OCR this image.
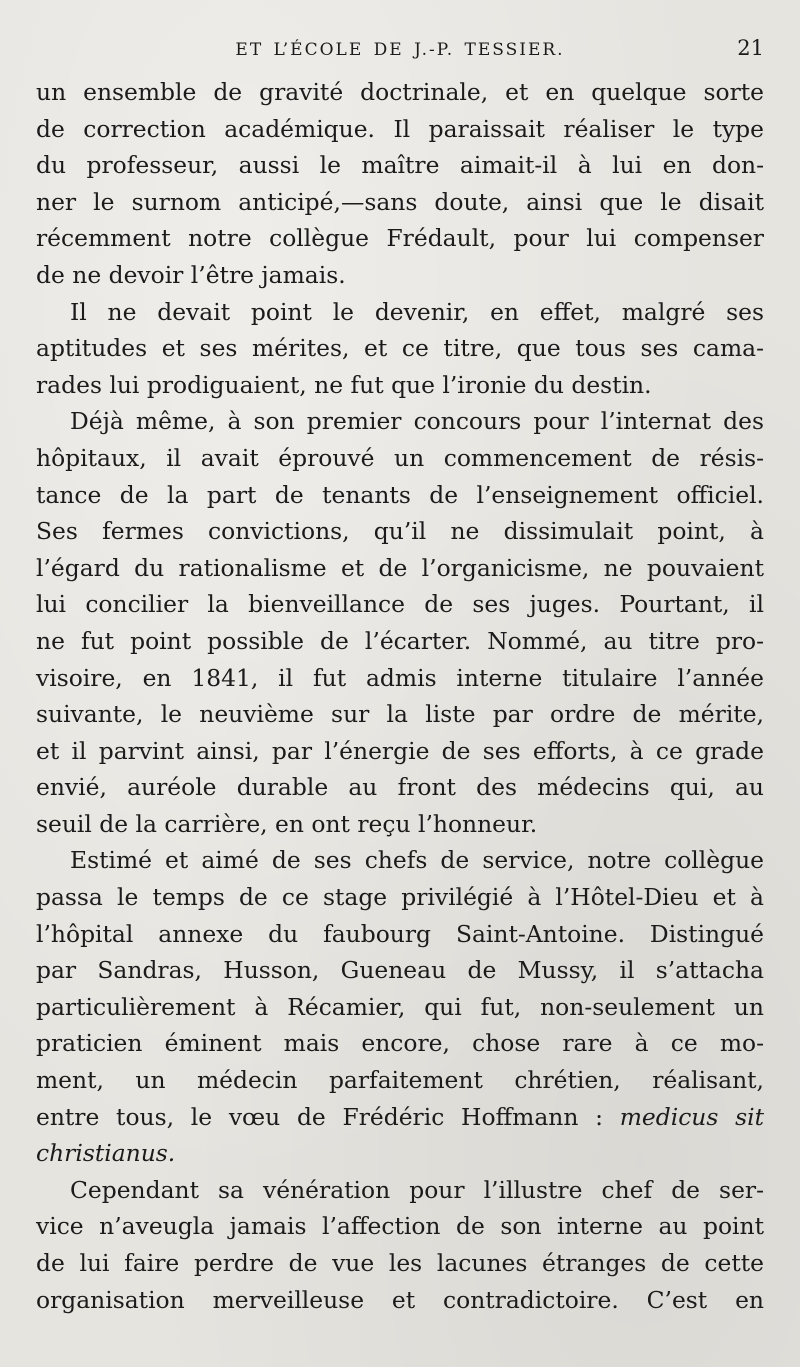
ET L’ÉCOLE DE J.-P. TESSIER.	21
un ensemble de gravité doctrinale, et en quelque sorte
de correction académique. Il paraissait réaliser le type
du professeur, aussi le maître aimait-il à lui en don-
ner le surnom anticipé,—sans doute, ainsi que le disait
récemment notre collègue Frédault, pour lui compenser
de ne devoir l’être jamais.
Il ne devait point le devenir, en effet, malgré ses
aptitudes et ses mérites, et ce titre, que tous ses cama-
rades lui prodiguaient, ne fut que l’ironie du destin.
Déjà même, à son premier concours pour l’internat des
hôpitaux, il avait éprouvé un commencement de résis-
tance de la part de tenants de l’enseignement officiel.
Ses fermes convictions, qu’il ne dissimulait point, à
l’égard du rationalisme et de l’organicisme, ne pouvaient
lui concilier la bienveillance de ses juges. Pourtant, il
ne fut point possible de l’écarter. Nommé, au titre pro-
visoire, en 1841, il fut admis interne titulaire l’année
suivante, le neuvième sur la liste par ordre de mérite,
et il parvint ainsi, par l’énergie de ses efforts, à ce grade
envié, auréole durable au front des médecins qui, au
seuil de la carrière, en ont reçu l’honneur.
Estimé et aimé de ses chefs de service, notre collègue
passa le temps de ce stage privilégié à l’Hôtel-Dieu et à
l’hôpital annexe du faubourg Saint-Antoine. Distingué
par Sandras, Husson, Gueneau de Mussy, il s’attacha
particulièrement à Récamier, qui fut, non-seulement un
praticien éminent mais encore, chose rare à ce mo-
ment, un médecin parfaitement chrétien, réalisant,
entre tous, le vœu de Frédéric Hoffmann : medicus sit
christianus.
Cependant sa vénération pour l’illustre chef de ser-
vice n’aveugla jamais l’affection de son interne au point
de lui faire perdre de vue les lacunes étranges de cette
organisation merveilleuse et contradictoire. C’est en
